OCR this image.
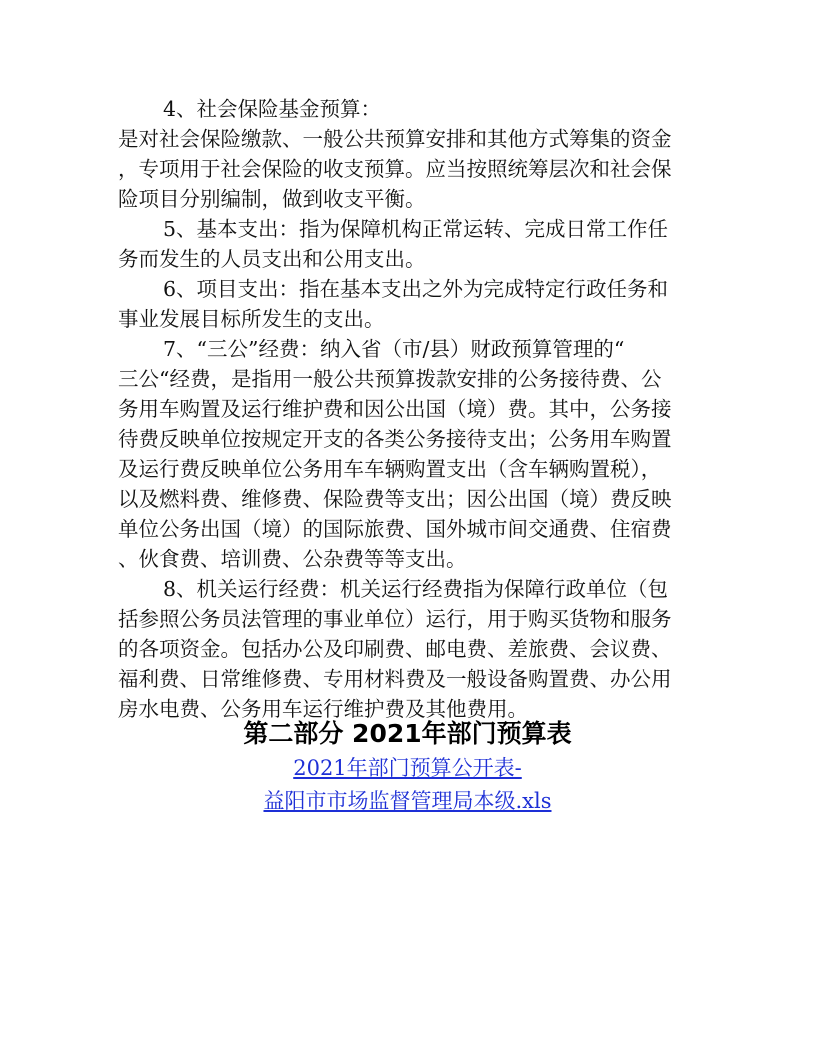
4、社会保险基金预算：
是对社会保险缴款、一般公共预算安排和其他方式筹集的资金
，专项用于社会保险的收支预算。应当按照统筹层次和社会保
险项目分别编制，做到收支平衡。
5、基本支出：指为保障机构正常运转、完成日常工作任
务而发生的人员支出和公用支出。
6、项目支出：指在基本支出之外为完成特定行政任务和
事业发展目标所发生的支出。
7、“三公”经费：纳入省（市/县）财政预算管理的“
三公“经费，是指用一般公共预算拨款安排的公务接待费、公
务用车购置及运行维护费和因公出国（境）费。其中，公务接
待费反映单位按规定开支的各类公务接待支出；公务用车购置
及运行费反映单位公务用车车辆购置支出（含车辆购置税），
以及燃料费、维修费、保险费等支出；因公出国（境）费反映
单位公务出国（境）的国际旅费、国外城市间交通费、住宿费
、伙食费、培训费、公杂费等等支出。
8、机关运行经费：机关运行经费指为保障行政单位（包
括参照公务员法管理的事业单位）运行，用于购买货物和服务
的各项资金。包括办公及印刷费、邮电费、差旅费、会议费、
福利费、日常维修费、专用材料费及一般设备购置费、办公用
房水电费、公务用车运行维护费及其他费用。
第二部分 2021年部门预算表
2021年部门预算公开表-
益阳市市场监督管理局本级.xls
